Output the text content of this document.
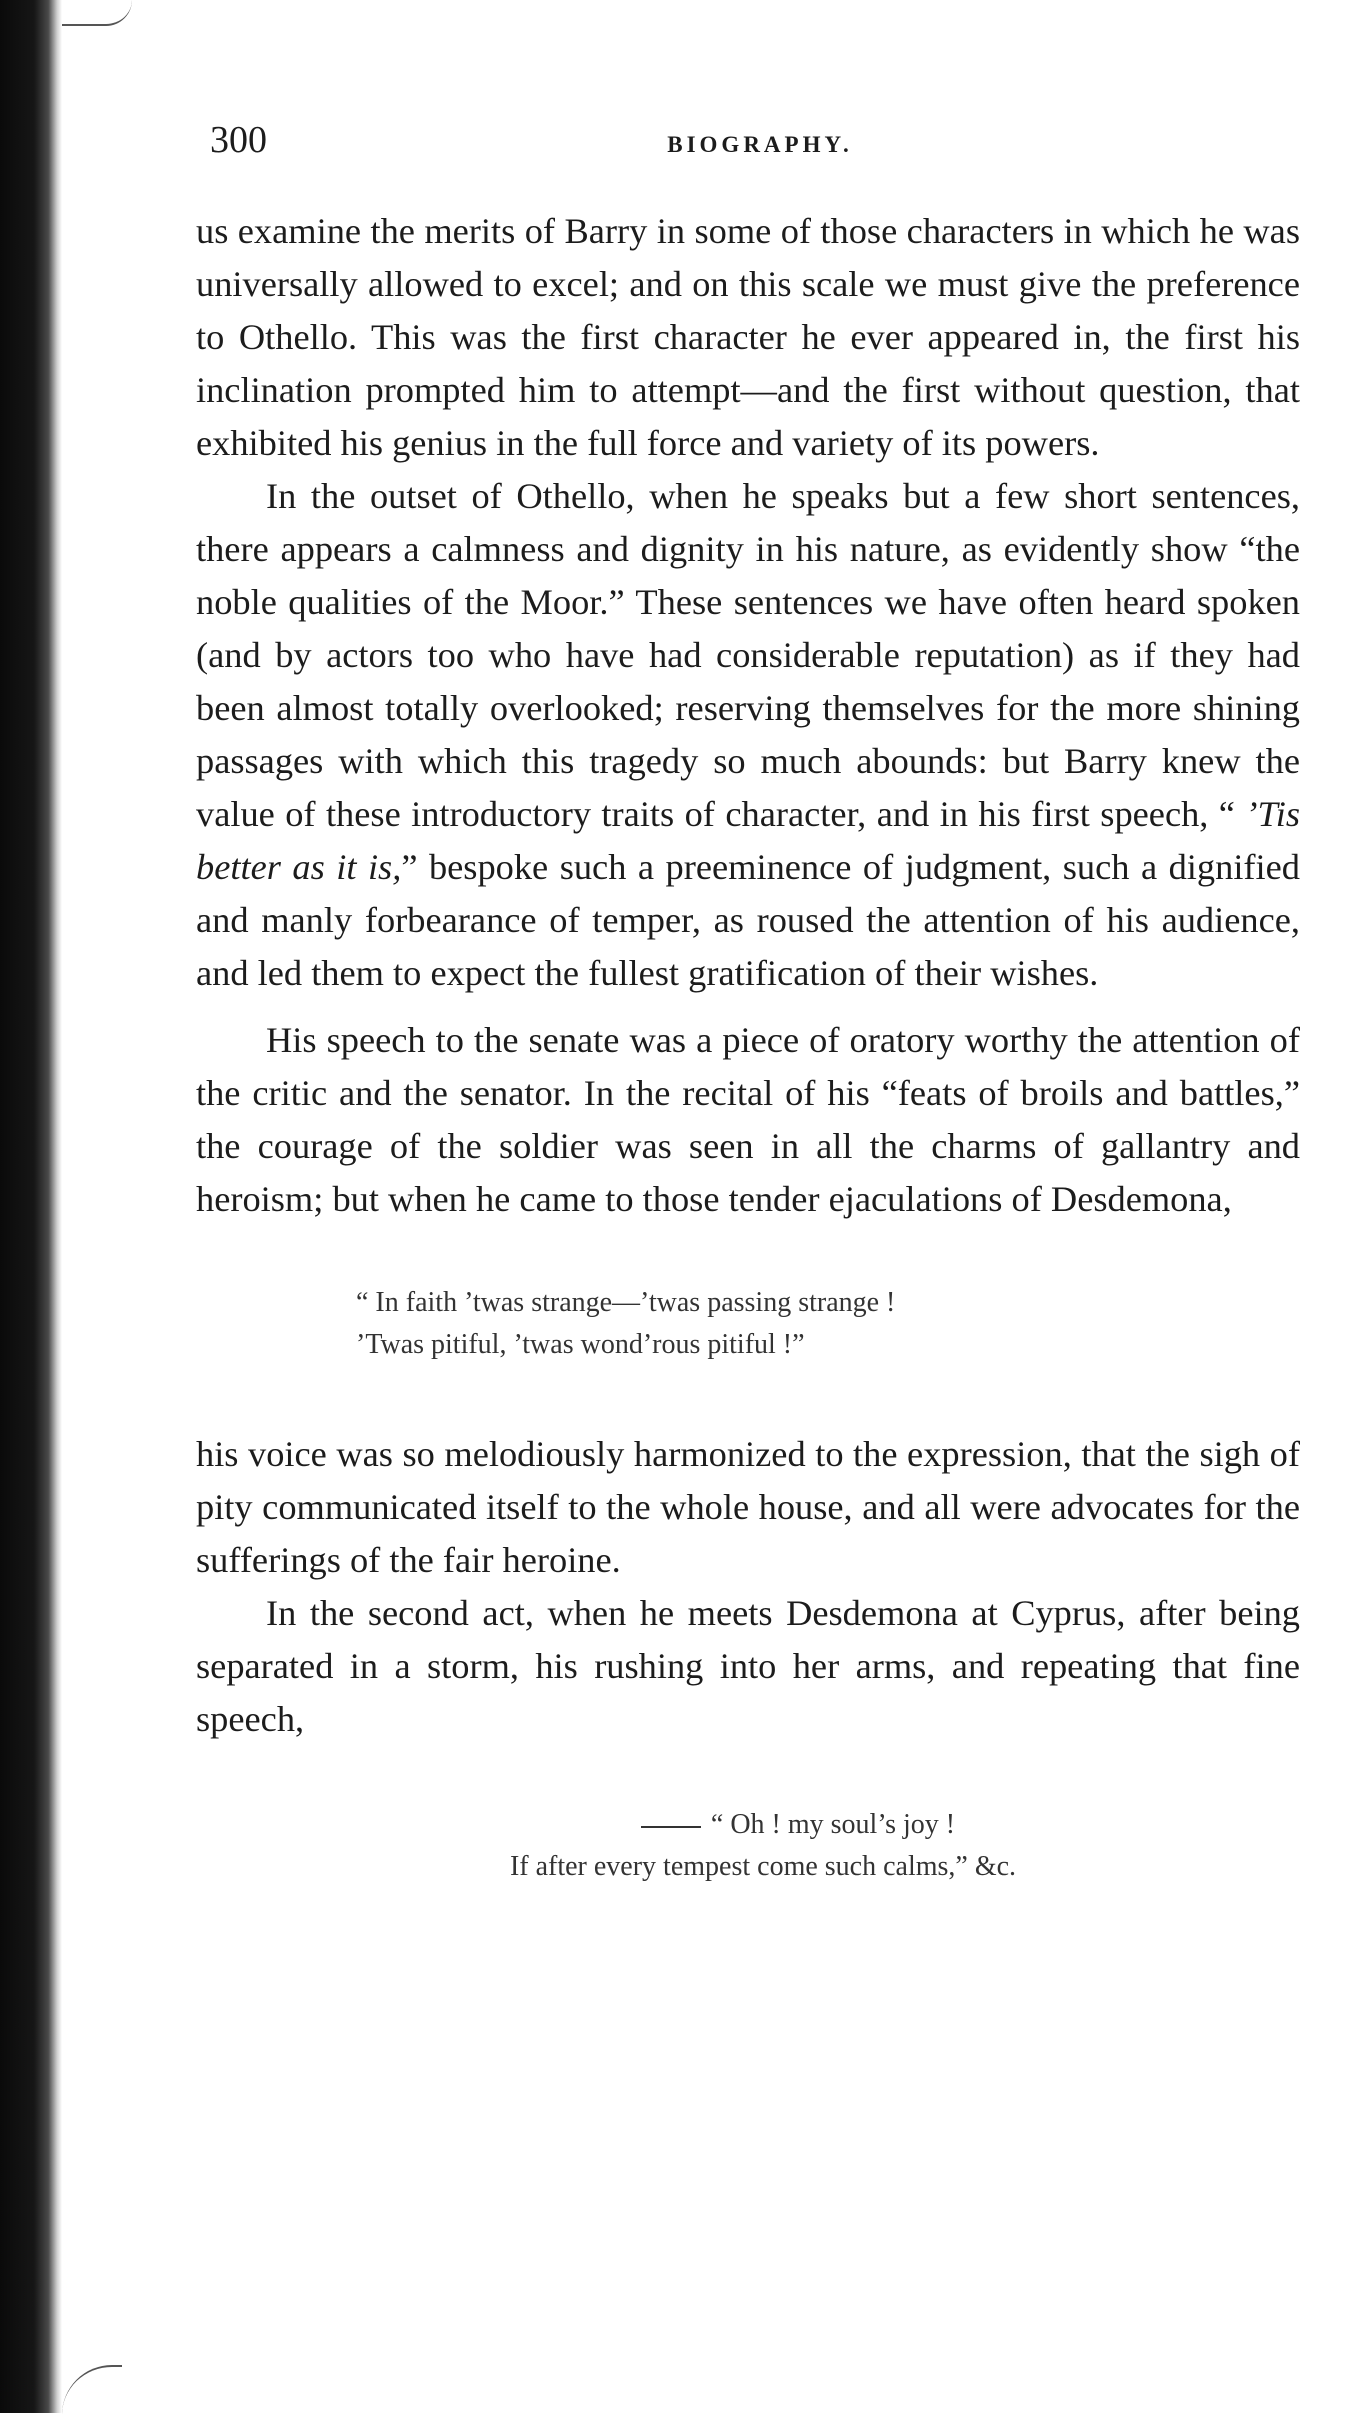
300	BIOGRAPHY.

us examine the merits of Barry in some of those characters in which he was universally allowed to excel; and on this scale we must give the preference to Othello. This was the first character he ever appeared in, the first his inclination prompted him to attempt—and the first without question, that exhibited his genius in the full force and variety of its powers.

In the outset of Othello, when he speaks but a few short sentences, there appears a calmness and dignity in his nature, as evidently show “the noble qualities of the Moor.” These sentences we have often heard spoken (and by actors too who have had considerable reputation) as if they had been almost totally overlooked; reserving themselves for the more shining passages with which this tragedy so much abounds: but Barry knew the value of these introductory traits of character, and in his first speech, “ ’Tis better as it is,” bespoke such a preeminence of judgment, such a dignified and manly forbearance of temper, as roused the attention of his audience, and led them to expect the fullest gratification of their wishes.

His speech to the senate was a piece of oratory worthy the attention of the critic and the senator. In the recital of his “feats of broils and battles,” the courage of the soldier was seen in all the charms of gallantry and heroism; but when he came to those tender ejaculations of Desdemona,

“ In faith ’twas strange—’twas passing strange !
’Twas pitiful, ’twas wond’rous pitiful !”

his voice was so melodiously harmonized to the expression, that the sigh of pity communicated itself to the whole house, and all were advocates for the sufferings of the fair heroine.

In the second act, when he meets Desdemona at Cyprus, after being separated in a storm, his rushing into her arms, and repeating that fine speech,

“ Oh ! my soul’s joy !
If after every tempest come such calms,” &c.
